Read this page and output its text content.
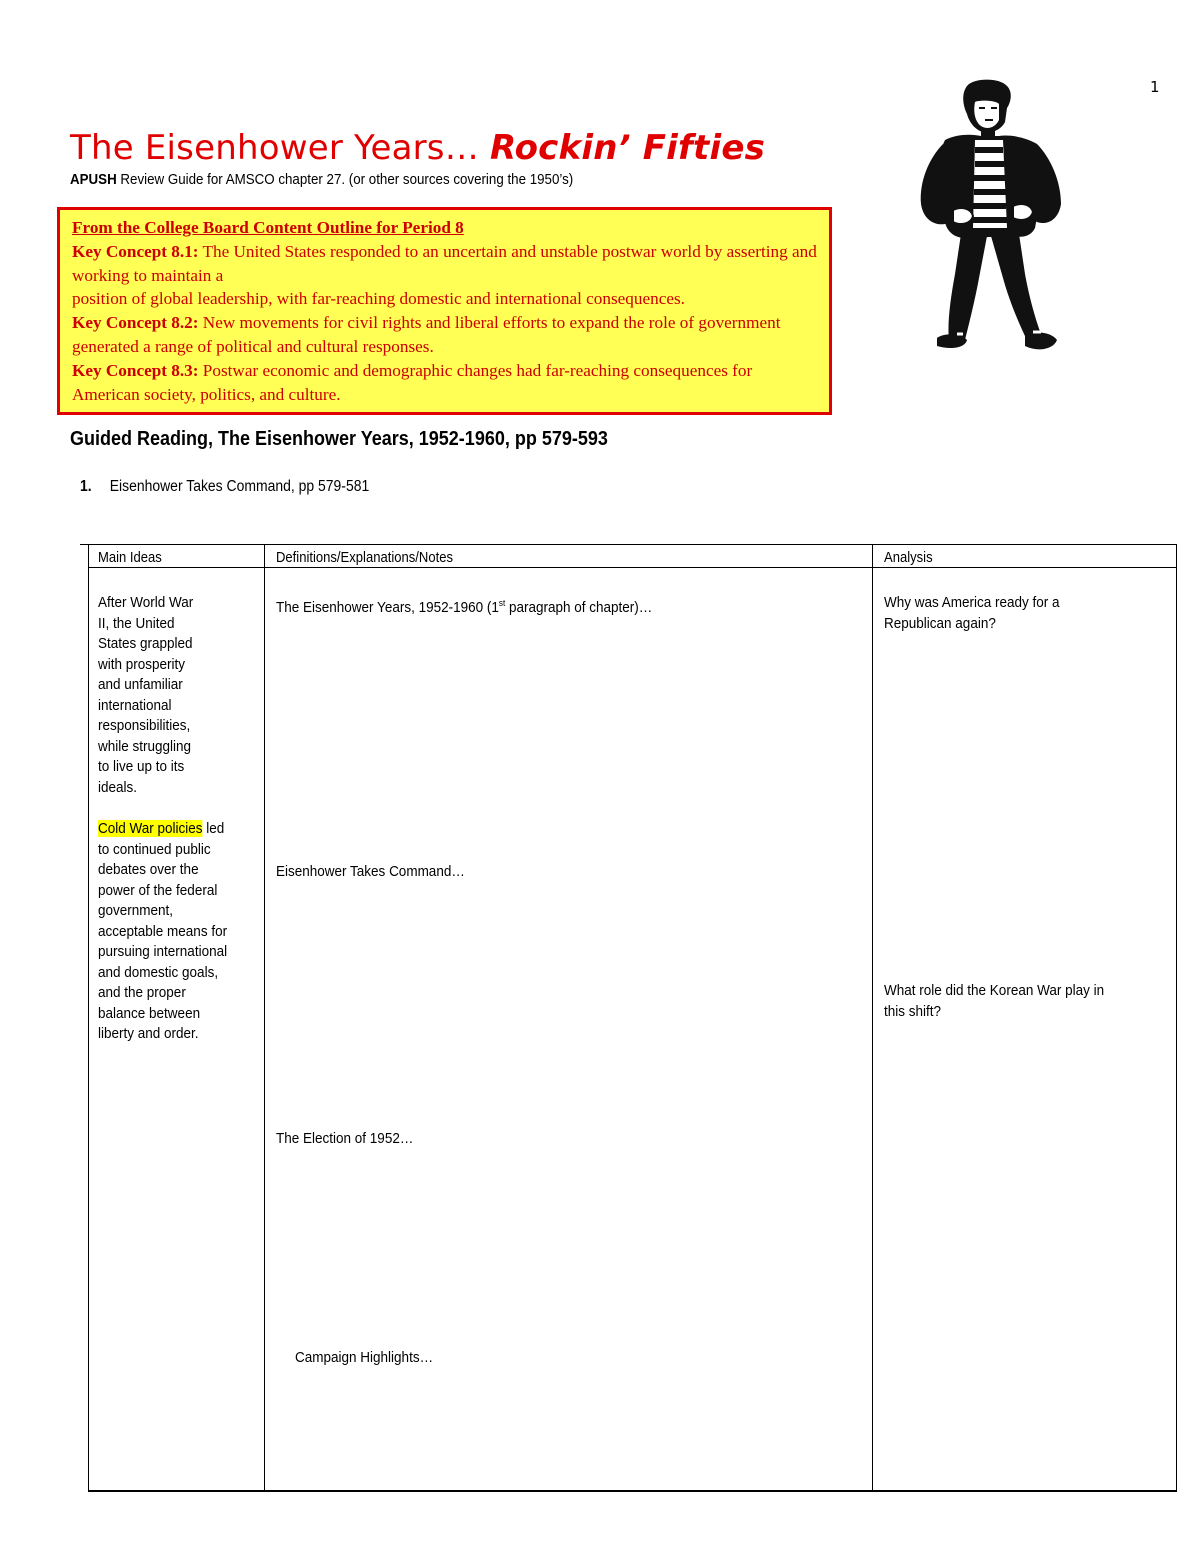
1
The Eisenhower Years… Rockin’ Fifties
APUSH Review Guide for AMSCO chapter 27. (or other sources covering the 1950’s)
From the College Board Content Outline for Period 8
Key Concept 8.1: The United States responded to an uncertain and unstable postwar world by asserting and working to maintain a
position of global leadership, with far-reaching domestic and international consequences.
Key Concept 8.2: New movements for civil rights and liberal efforts to expand the role of government generated a range of political and cultural responses.
Key Concept 8.3: Postwar economic and demographic changes had far-reaching consequences for American society, politics, and culture.
Guided Reading, The Eisenhower Years, 1952-1960, pp 579-593
1. Eisenhower Takes Command, pp 579-581
Main Ideas	Definitions/Explanations/Notes	Analysis
After World War
II, the United
States grappled
with prosperity
and unfamiliar
international
responsibilities,
while struggling
to live up to its
ideals.
Cold War policies led
to continued public
debates over the
power of the federal
government,
acceptable means for
pursuing international
and domestic goals,
and the proper
balance between
liberty and order.
The Eisenhower Years, 1952-1960 (1st paragraph of chapter)…
Eisenhower Takes Command…
The Election of 1952…
Campaign Highlights…
Why was America ready for a
Republican again?
What role did the Korean War play in
this shift?
